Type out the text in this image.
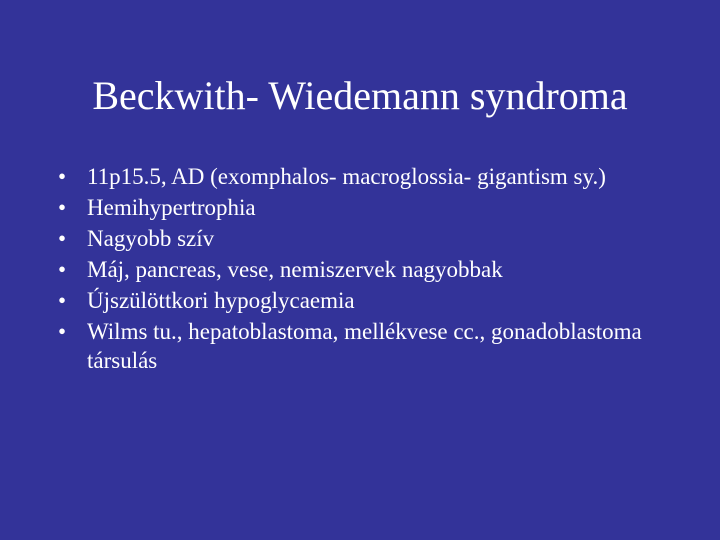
Beckwith- Wiedemann syndroma
• 11p15.5, AD (exomphalos- macroglossia- gigantism sy.)
• Hemihypertrophia
• Nagyobb szív
• Máj, pancreas, vese, nemiszervek nagyobbak
• Újszülöttkori hypoglycaemia
• Wilms tu., hepatoblastoma, mellékvese cc., gonadoblastoma társulás
